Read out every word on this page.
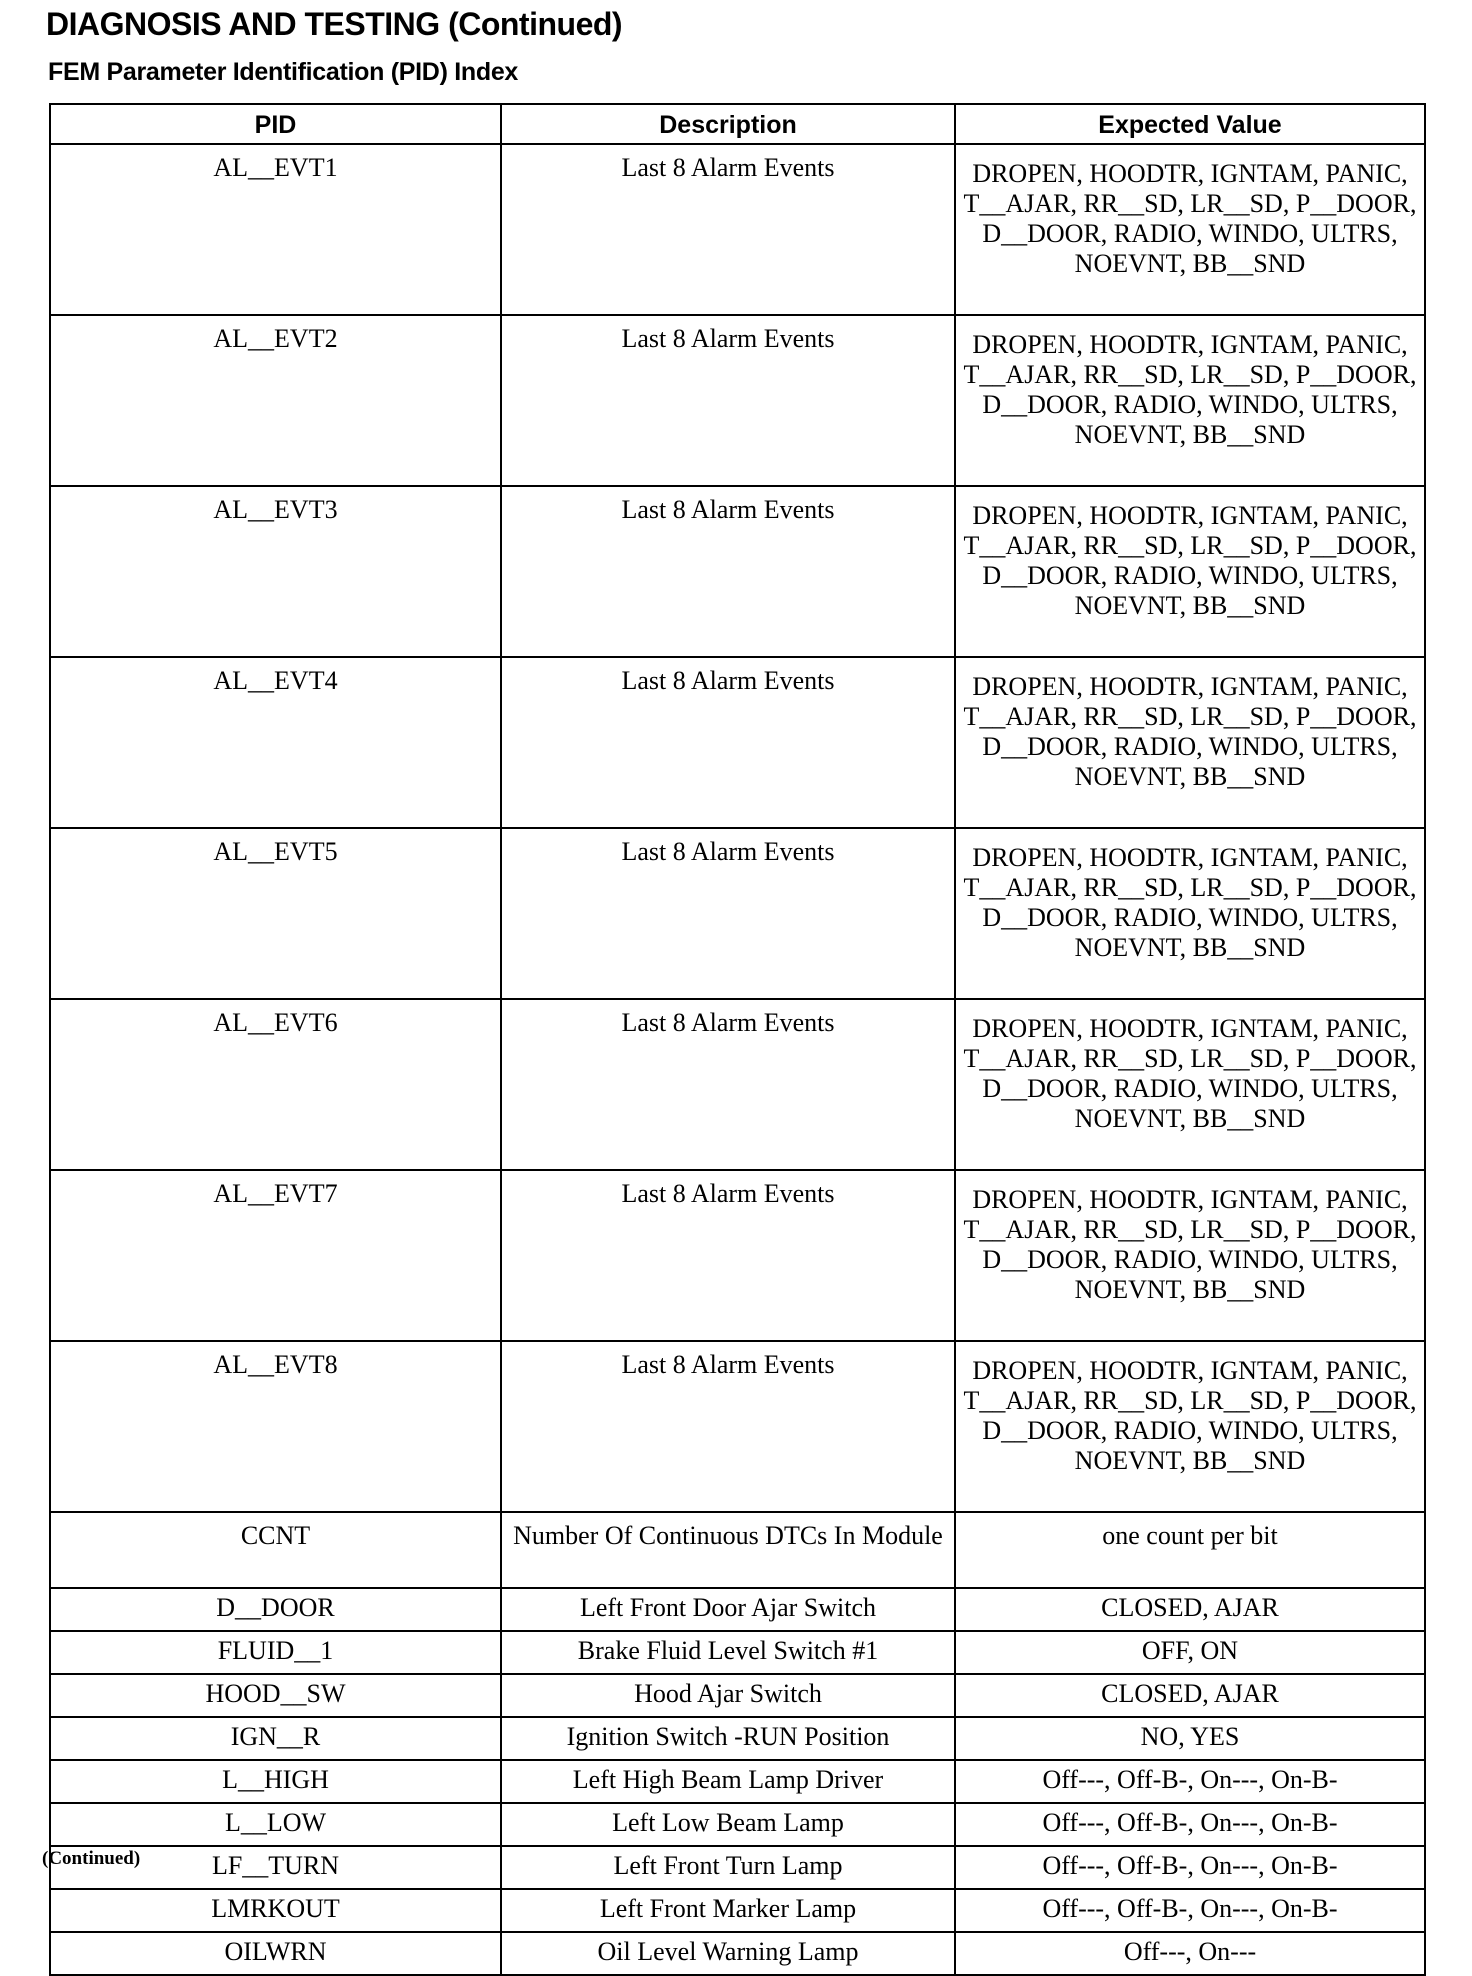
DIAGNOSIS AND TESTING (Continued)
FEM Parameter Identification (PID) Index
PID	Description	Expected Value
AL__EVT1	Last 8 Alarm Events	DROPEN, HOODTR, IGNTAM, PANIC, T__AJAR, RR__SD, LR__SD, P__DOOR, D__DOOR, RADIO, WINDO, ULTRS, NOEVNT, BB__SND
AL__EVT2	Last 8 Alarm Events	DROPEN, HOODTR, IGNTAM, PANIC, T__AJAR, RR__SD, LR__SD, P__DOOR, D__DOOR, RADIO, WINDO, ULTRS, NOEVNT, BB__SND
AL__EVT3	Last 8 Alarm Events	DROPEN, HOODTR, IGNTAM, PANIC, T__AJAR, RR__SD, LR__SD, P__DOOR, D__DOOR, RADIO, WINDO, ULTRS, NOEVNT, BB__SND
AL__EVT4	Last 8 Alarm Events	DROPEN, HOODTR, IGNTAM, PANIC, T__AJAR, RR__SD, LR__SD, P__DOOR, D__DOOR, RADIO, WINDO, ULTRS, NOEVNT, BB__SND
AL__EVT5	Last 8 Alarm Events	DROPEN, HOODTR, IGNTAM, PANIC, T__AJAR, RR__SD, LR__SD, P__DOOR, D__DOOR, RADIO, WINDO, ULTRS, NOEVNT, BB__SND
AL__EVT6	Last 8 Alarm Events	DROPEN, HOODTR, IGNTAM, PANIC, T__AJAR, RR__SD, LR__SD, P__DOOR, D__DOOR, RADIO, WINDO, ULTRS, NOEVNT, BB__SND
AL__EVT7	Last 8 Alarm Events	DROPEN, HOODTR, IGNTAM, PANIC, T__AJAR, RR__SD, LR__SD, P__DOOR, D__DOOR, RADIO, WINDO, ULTRS, NOEVNT, BB__SND
AL__EVT8	Last 8 Alarm Events	DROPEN, HOODTR, IGNTAM, PANIC, T__AJAR, RR__SD, LR__SD, P__DOOR, D__DOOR, RADIO, WINDO, ULTRS, NOEVNT, BB__SND
CCNT	Number Of Continuous DTCs In Module	one count per bit
D__DOOR	Left Front Door Ajar Switch	CLOSED, AJAR
FLUID__1	Brake Fluid Level Switch #1	OFF, ON
HOOD__SW	Hood Ajar Switch	CLOSED, AJAR
IGN__R	Ignition Switch -RUN Position	NO, YES
L__HIGH	Left High Beam Lamp Driver	Off---, Off-B-, On---, On-B-
L__LOW	Left Low Beam Lamp	Off---, Off-B-, On---, On-B-
LF__TURN	Left Front Turn Lamp	Off---, Off-B-, On---, On-B-
LMRKOUT	Left Front Marker Lamp	Off---, Off-B-, On---, On-B-
OILWRN	Oil Level Warning Lamp	Off---, On---
(Continued)
